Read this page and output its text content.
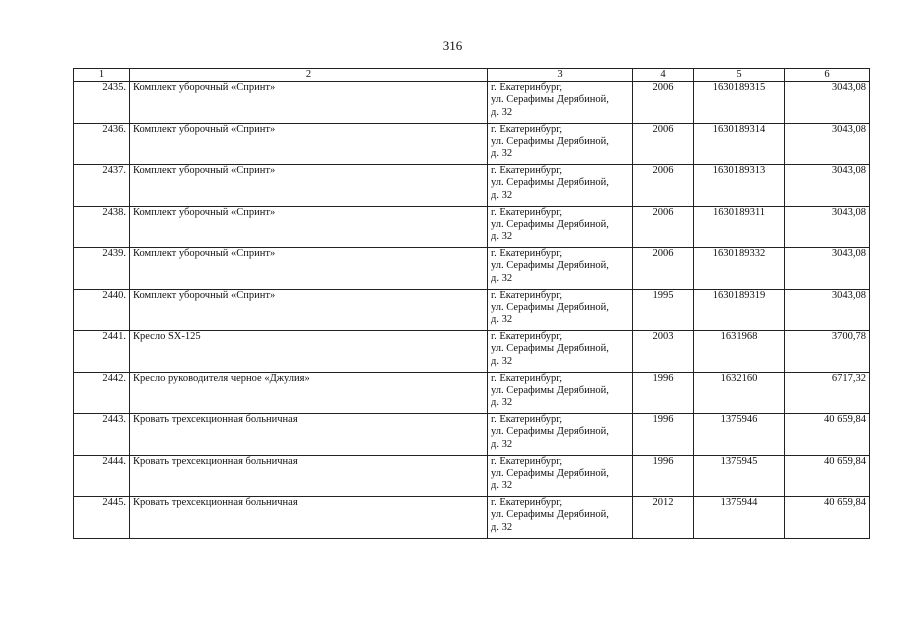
316
1	2	3	4	5	6
2435.	Комплект уборочный «Спринт»	г. Екатеринбург,
ул. Серафимы Дерябиной,
д. 32	2006	1630189315	3043,08
2436.	Комплект уборочный «Спринт»	г. Екатеринбург,
ул. Серафимы Дерябиной,
д. 32	2006	1630189314	3043,08
2437.	Комплект уборочный «Спринт»	г. Екатеринбург,
ул. Серафимы Дерябиной,
д. 32	2006	1630189313	3043,08
2438.	Комплект уборочный «Спринт»	г. Екатеринбург,
ул. Серафимы Дерябиной,
д. 32	2006	1630189311	3043,08
2439.	Комплект уборочный «Спринт»	г. Екатеринбург,
ул. Серафимы Дерябиной,
д. 32	2006	1630189332	3043,08
2440.	Комплект уборочный «Спринт»	г. Екатеринбург,
ул. Серафимы Дерябиной,
д. 32	1995	1630189319	3043,08
2441.	Кресло SX-125	г. Екатеринбург,
ул. Серафимы Дерябиной,
д. 32	2003	1631968	3700,78
2442.	Кресло руководителя черное «Джулия»	г. Екатеринбург,
ул. Серафимы Дерябиной,
д. 32	1996	1632160	6717,32
2443.	Кровать трехсекционная больничная	г. Екатеринбург,
ул. Серафимы Дерябиной,
д. 32	1996	1375946	40 659,84
2444.	Кровать трехсекционная больничная	г. Екатеринбург,
ул. Серафимы Дерябиной,
д. 32	1996	1375945	40 659,84
2445.	Кровать трехсекционная больничная	г. Екатеринбург,
ул. Серафимы Дерябиной,
д. 32	2012	1375944	40 659,84
